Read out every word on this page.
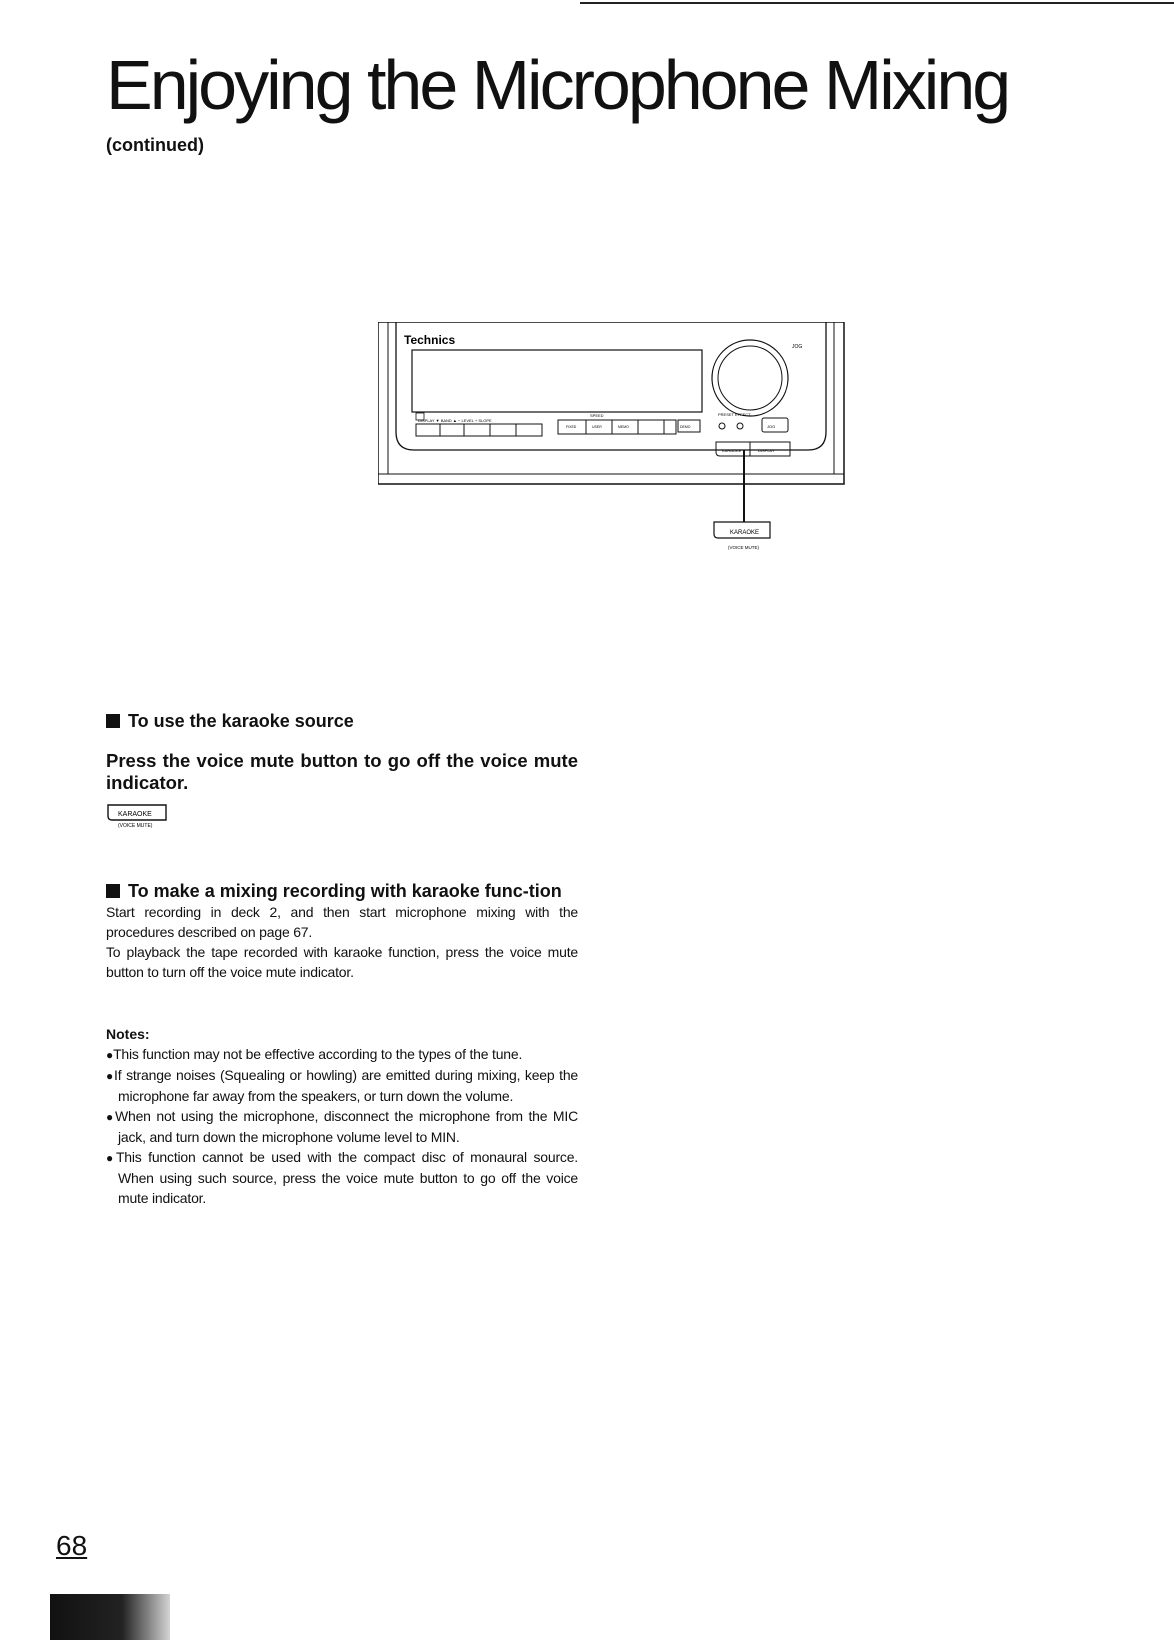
Enjoying the Microphone Mixing
(continued)
Technics	JOG
DISPLAY ▼ BAND ▲ − LEVEL + SLOPE
SPEED
FIXED	USER	MEMO	DEMO
PRESET EFFECT
JOG
KARAOKE	DISPLAY
KARAOKE
(VOICE MUTE)
To use the karaoke source
Press the voice mute button to go off the voice mute indicator.
KARAOKE
(VOICE MUTE)
To make a mixing recording with karaoke func-tion
Start recording in deck 2, and then start microphone mixing with the procedures described on page 67.
To playback the tape recorded with karaoke function, press the voice mute button to turn off the voice mute indicator.
Notes:
●This function may not be effective according to the types of the tune.
●If strange noises (Squealing or howling) are emitted during mixing, keep the microphone far away from the speakers, or turn down the volume.
●When not using the microphone, disconnect the microphone from the MIC jack, and turn down the microphone volume level to MIN.
●This function cannot be used with the compact disc of monaural source. When using such source, press the voice mute button to go off the voice mute indicator.
68
